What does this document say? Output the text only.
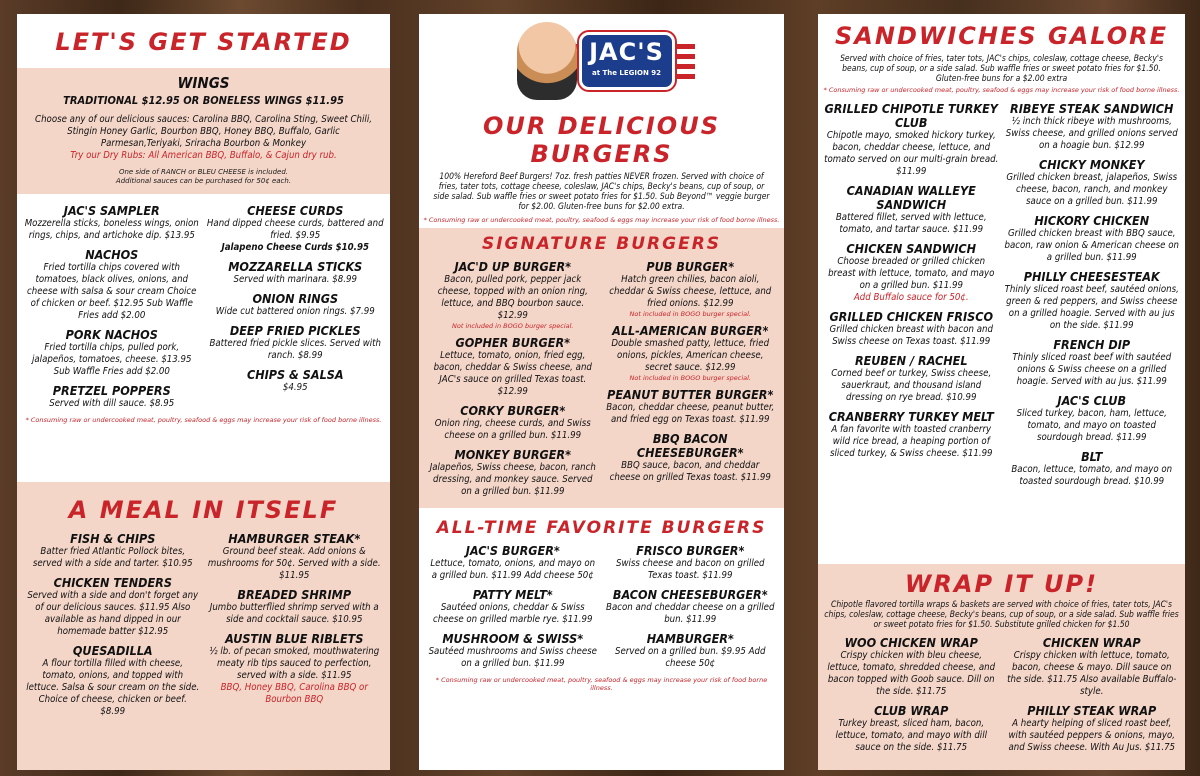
LET'S GET STARTED
WINGS
TRADITIONAL $12.95 OR BONELESS WINGS $11.95
Choose any of our delicious sauces: Carolina BBQ, Carolina Sting, Sweet Chili, Stingin Honey Garlic, Bourbon BBQ, Honey BBQ, Buffalo, Garlic Parmesan,Teriyaki, Sriracha Bourbon & Monkey
Try our Dry Rubs: All American BBQ, Buffalo, & Cajun dry rub.
One side of RANCH or BLEU CHEESE is included.
Additional sauces can be purchased for 50¢ each.
JAC'S SAMPLER
Mozzerella sticks, boneless wings, onion rings, chips, and artichoke dip. $13.95
NACHOS
Fried tortilla chips covered with tomatoes, black olives, onions, and cheese with salsa & sour cream Choice of chicken or beef. $12.95 Sub Waffle Fries add $2.00
PORK NACHOS
Fried tortilla chips, pulled pork, jalapeños, tomatoes, cheese. $13.95 Sub Waffle Fries add $2.00
PRETZEL POPPERS
Served with dill sauce. $8.95
CHEESE CURDS
Hand dipped cheese curds, battered and fried. $9.95
Jalapeno Cheese Curds $10.95
MOZZARELLA STICKS
Served with marinara. $8.99
ONION RINGS
Wide cut battered onion rings. $7.99
DEEP FRIED PICKLES
Battered fried pickle slices. Served with ranch. $8.99
CHIPS & SALSA
$4.95
* Consuming raw or undercooked meat, poultry, seafood & eggs may increase your risk of food borne illness.
A MEAL IN ITSELF
FISH & CHIPS
Batter fried Atlantic Pollock bites, served with a side and tarter. $10.95
CHICKEN TENDERS
Served with a side and don't forget any of our delicious sauces. $11.95 Also available as hand dipped in our homemade batter $12.95
QUESADILLA
A flour tortilla filled with cheese, tomato, onions, and topped with lettuce. Salsa & sour cream on the side. Choice of cheese, chicken or beef. $8.99
HAMBURGER STEAK*
Ground beef steak. Add onions & mushrooms for 50¢. Served with a side. $11.95
BREADED SHRIMP
Jumbo butterflied shrimp served with a side and cocktail sauce. $10.95
AUSTIN BLUE RIBLETS
½ lb. of pecan smoked, mouthwatering meaty rib tips sauced to perfection, served with a side. $11.95
BBQ, Honey BBQ, Carolina BBQ or Bourbon BBQ
JAC'S
at The LEGION 92
OUR DELICIOUS BURGERS
100% Hereford Beef Burgers! 7oz. fresh patties NEVER frozen. Served with choice of fries, tater tots, cottage cheese, coleslaw, JAC's chips, Becky's beans, cup of soup, or side salad. Sub waffle fries or sweet potato fries for $1.50. Sub Beyond™ veggie burger for $2.00. Gluten-free buns for $2.00 extra.
* Consuming raw or undercooked meat, poultry, seafood & eggs may increase your risk of food borne illness.
SIGNATURE BURGERS
JAC'D UP BURGER*
Bacon, pulled pork, pepper jack cheese, topped with an onion ring, lettuce, and BBQ bourbon sauce. $12.99
Not included in BOGO burger special.
GOPHER BURGER*
Lettuce, tomato, onion, fried egg, bacon, cheddar & Swiss cheese, and JAC's sauce on grilled Texas toast. $12.99
CORKY BURGER*
Onion ring, cheese curds, and Swiss cheese on a grilled bun. $11.99
MONKEY BURGER*
Jalapeños, Swiss cheese, bacon, ranch dressing, and monkey sauce. Served on a grilled bun. $11.99
PUB BURGER*
Hatch green chilies, bacon aioli, cheddar & Swiss cheese, lettuce, and fried onions. $12.99
Not included in BOGO burger special.
ALL-AMERICAN BURGER*
Double smashed patty, lettuce, fried onions, pickles, American cheese, secret sauce. $12.99
Not included in BOGO burger special.
PEANUT BUTTER BURGER*
Bacon, cheddar cheese, peanut butter, and fried egg on Texas toast. $11.99
BBQ BACON CHEESEBURGER*
BBQ sauce, bacon, and cheddar cheese on grilled Texas toast. $11.99
ALL-TIME FAVORITE BURGERS
JAC'S BURGER*
Lettuce, tomato, onions, and mayo on a grilled bun. $11.99 Add cheese 50¢
PATTY MELT*
Sautéed onions, cheddar & Swiss cheese on grilled marble rye. $11.99
MUSHROOM & SWISS*
Sautéed mushrooms and Swiss cheese on a grilled bun. $11.99
FRISCO BURGER*
Swiss cheese and bacon on grilled Texas toast. $11.99
BACON CHEESEBURGER*
Bacon and cheddar cheese on a grilled bun. $11.99
HAMBURGER*
Served on a grilled bun. $9.95 Add cheese 50¢
* Consuming raw or undercooked meat, poultry, seafood & eggs may increase your risk of food borne illness.
SANDWICHES GALORE
Served with choice of fries, tater tots, JAC's chips, coleslaw, cottage cheese, Becky's beans, cup of soup, or a side salad. Sub waffle fries or sweet potato fries for $1.50. Gluten-free buns for a $2.00 extra
* Consuming raw or undercooked meat, poultry, seafood & eggs may increase your risk of food borne illness.
GRILLED CHIPOTLE TURKEY CLUB
Chipotle mayo, smoked hickory turkey, bacon, cheddar cheese, lettuce, and tomato served on our multi-grain bread. $11.99
CANADIAN WALLEYE SANDWICH
Battered fillet, served with lettuce, tomato, and tartar sauce. $11.99
CHICKEN SANDWICH
Choose breaded or grilled chicken breast with lettuce, tomato, and mayo on a grilled bun. $11.99
Add Buffalo sauce for 50¢.
GRILLED CHICKEN FRISCO
Grilled chicken breast with bacon and Swiss cheese on Texas toast. $11.99
REUBEN / RACHEL
Corned beef or turkey, Swiss cheese, sauerkraut, and thousand island dressing on rye bread. $10.99
CRANBERRY TURKEY MELT
A fan favorite with toasted cranberry wild rice bread, a heaping portion of sliced turkey, & Swiss cheese. $11.99
RIBEYE STEAK SANDWICH
½ inch thick ribeye with mushrooms, Swiss cheese, and grilled onions served on a hoagie bun. $12.99
CHICKY MONKEY
Grilled chicken breast, jalapeños, Swiss cheese, bacon, ranch, and monkey sauce on a grilled bun. $11.99
HICKORY CHICKEN
Grilled chicken breast with BBQ sauce, bacon, raw onion & American cheese on a grilled bun. $11.99
PHILLY CHEESESTEAK
Thinly sliced roast beef, sautéed onions, green & red peppers, and Swiss cheese on a grilled hoagie. Served with au jus on the side. $11.99
FRENCH DIP
Thinly sliced roast beef with sautéed onions & Swiss cheese on a grilled hoagie. Served with au jus. $11.99
JAC'S CLUB
Sliced turkey, bacon, ham, lettuce, tomato, and mayo on toasted sourdough bread. $11.99
BLT
Bacon, lettuce, tomato, and mayo on toasted sourdough bread. $10.99
WRAP IT UP!
Chipotle flavored tortilla wraps & baskets are served with choice of fries, tater tots, JAC's chips, coleslaw, cottage cheese, Becky's beans, cup of soup, or a side salad. Sub waffle fries or sweet potato fries for $1.50. Substitute grilled chicken for $1.50
WOO CHICKEN WRAP
Crispy chicken with bleu cheese, lettuce, tomato, shredded cheese, and bacon topped with Goob sauce. Dill on the side. $11.75
CLUB WRAP
Turkey breast, sliced ham, bacon, lettuce, tomato, and mayo with dill sauce on the side. $11.75
CHICKEN WRAP
Crispy chicken with lettuce, tomato, bacon, cheese & mayo. Dill sauce on the side. $11.75 Also available Buffalo-style.
PHILLY STEAK WRAP
A hearty helping of sliced roast beef, with sautéed peppers & onions, mayo, and Swiss cheese. With Au Jus. $11.75
